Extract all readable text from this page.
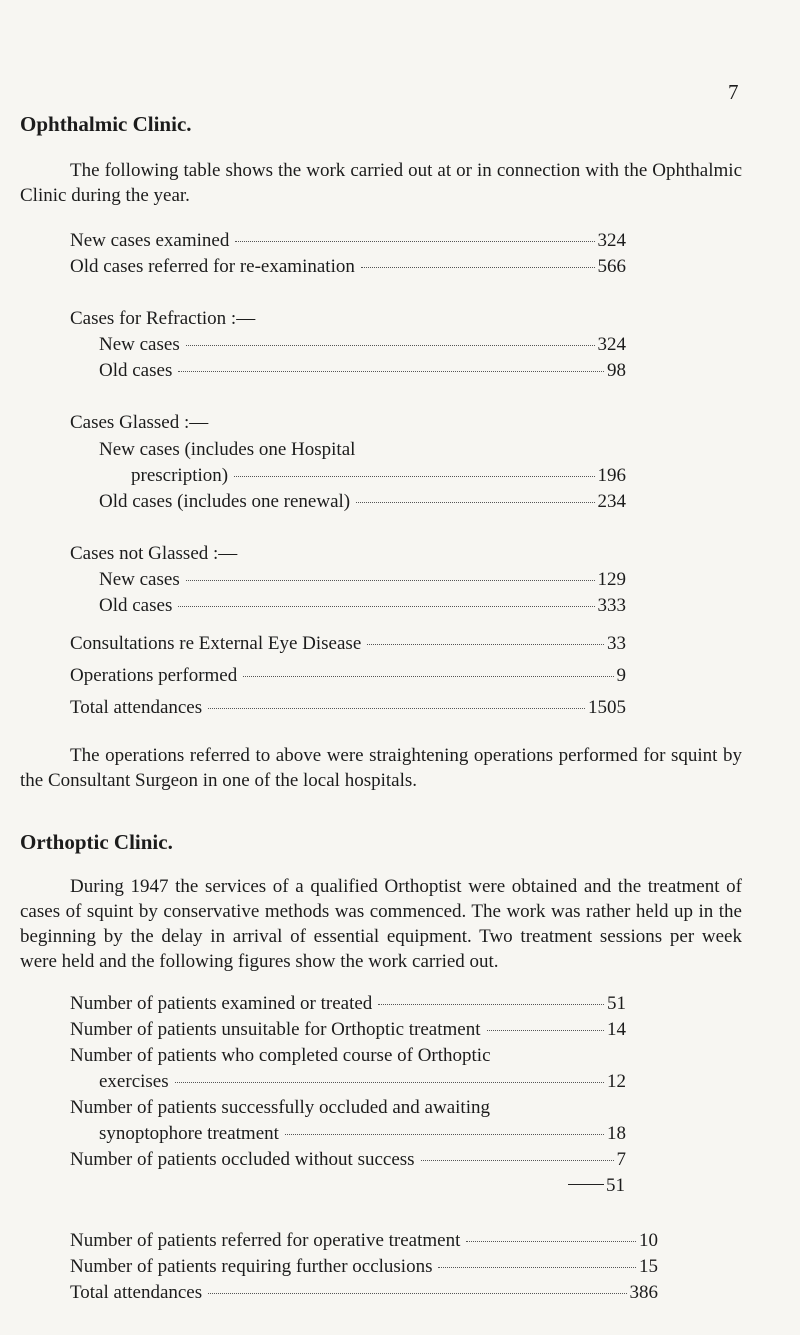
7
Ophthalmic Clinic.
The following table shows the work carried out at or in connection with the Ophthalmic Clinic during the year.
New cases examined	324
Old cases referred for re-examination	566
Cases for Refraction :—
New cases	324
Old cases	98
Cases Glassed :—
New cases (includes one Hospital
prescription)	196
Old cases (includes one renewal)	234
Cases not Glassed :—
New cases	129
Old cases	333
Consultations re External Eye Disease	33
Operations performed	9
Total attendances	1505
The operations referred to above were straightening operations performed for squint by the Consultant Surgeon in one of the local hospitals.
Orthoptic Clinic.
During 1947 the services of a qualified Orthoptist were obtained and the treatment of cases of squint by conservative methods was commenced. The work was rather held up in the beginning by the delay in arrival of essential equipment. Two treatment sessions per week were held and the following figures show the work carried out.
Number of patients examined or treated	51
Number of patients unsuitable for Orthoptic treatment	14
Number of patients who completed course of Orthoptic
exercises	12
Number of patients successfully occluded and awaiting
synoptophore treatment	18
Number of patients occluded without success	7
51
Number of patients referred for operative treatment	10
Number of patients requiring further occlusions	15
Total attendances	386
